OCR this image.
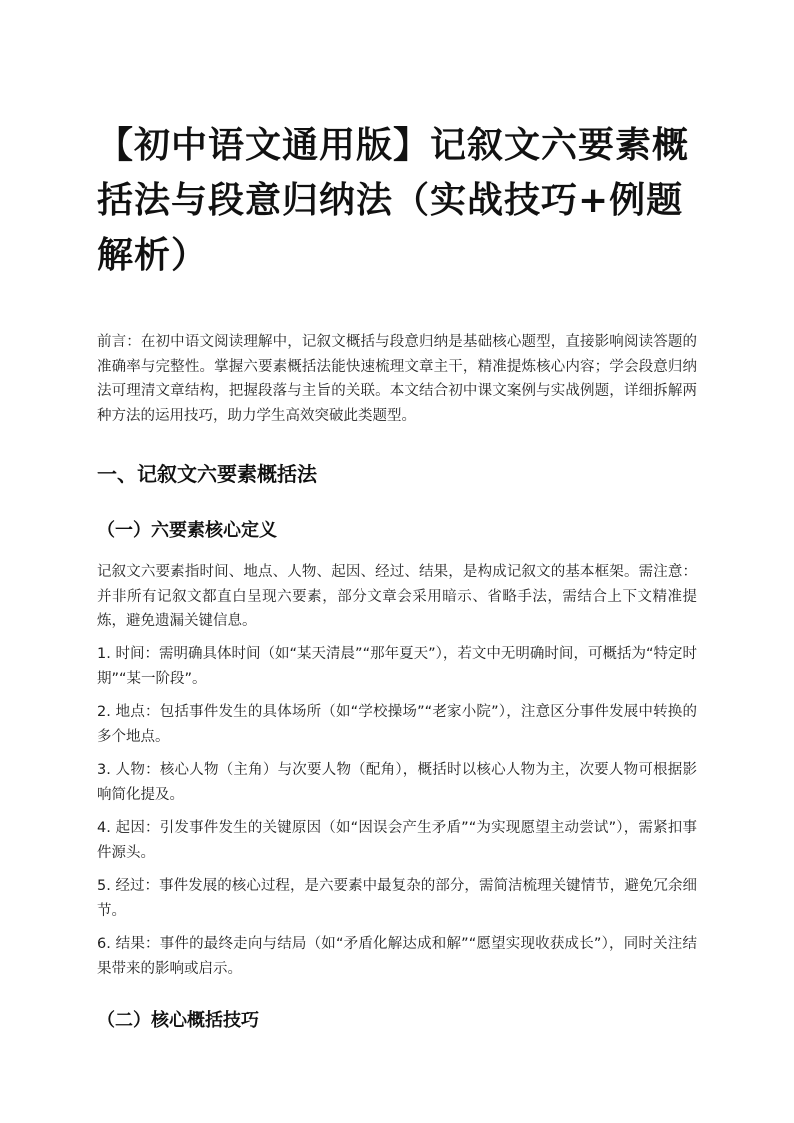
【初中语文通用版】记叙文六要素概括法与段意归纳法（实战技巧+例题解析）

前言：在初中语文阅读理解中，记叙文概括与段意归纳是基础核心题型，直接影响阅读答题的准确率与完整性。掌握六要素概括法能快速梳理文章主干，精准提炼核心内容；学会段意归纳法可理清文章结构，把握段落与主旨的关联。本文结合初中课文案例与实战例题，详细拆解两种方法的运用技巧，助力学生高效突破此类题型。

一、记叙文六要素概括法
（一）六要素核心定义

记叙文六要素指时间、地点、人物、起因、经过、结果，是构成记叙文的基本框架。需注意：并非所有记叙文都直白呈现六要素，部分文章会采用暗示、省略手法，需结合上下文精准提炼，避免遗漏关键信息。

1. 时间：需明确具体时间（如“某天清晨”“那年夏天”），若文中无明确时间，可概括为“特定时期”“某一阶段”。
2. 地点：包括事件发生的具体场所（如“学校操场”“老家小院”），注意区分事件发展中转换的多个地点。
3. 人物：核心人物（主角）与次要人物（配角），概括时以核心人物为主，次要人物可根据影响简化提及。
4. 起因：引发事件发生的关键原因（如“因误会产生矛盾”“为实现愿望主动尝试”），需紧扣事件源头。
5. 经过：事件发展的核心过程，是六要素中最复杂的部分，需简洁梳理关键情节，避免冗余细节。
6. 结果：事件的最终走向与结局（如“矛盾化解达成和解”“愿望实现收获成长”），同时关注结果带来的影响或启示。
（二）核心概括技巧
